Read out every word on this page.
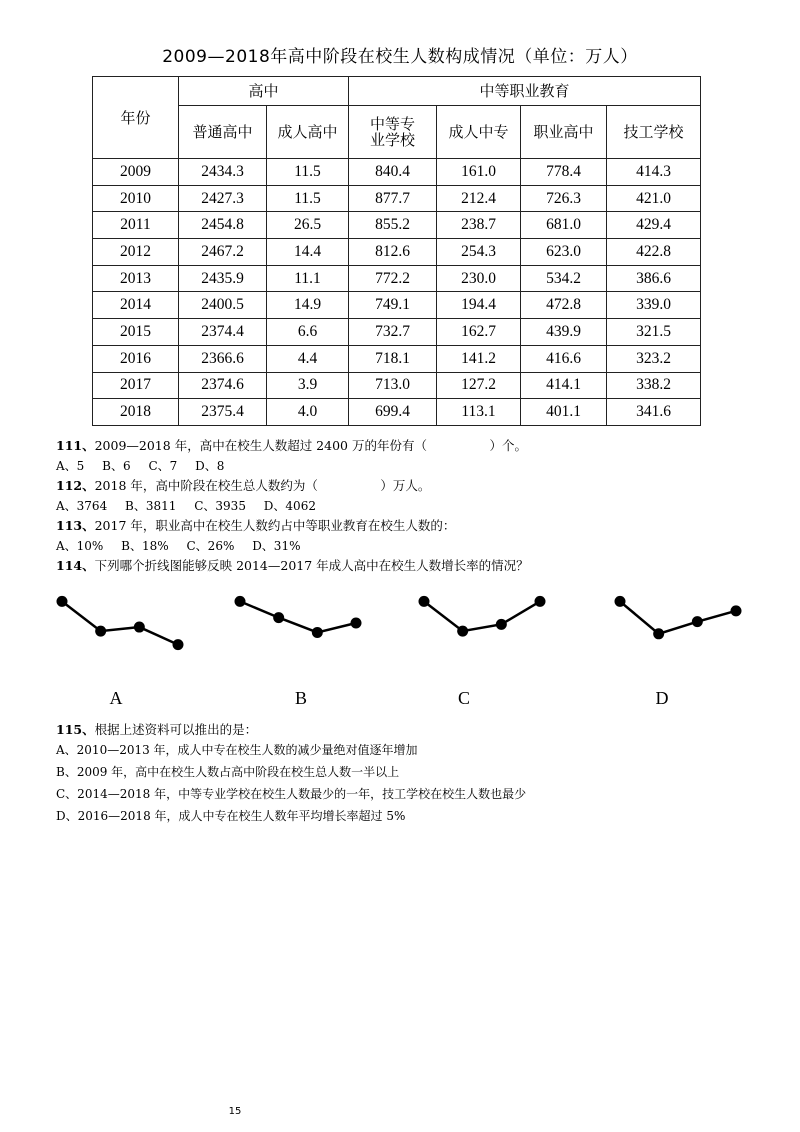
2009—2018年高中阶段在校生人数构成情况（单位：万人）
年份	高中		中等职业教育			
	普通高中	成人高中	中等专业学校	成人中专	职业高中	技工学校
2009	2434.3	11.5	840.4	161.0	778.4	414.3
2010	2427.3	11.5	877.7	212.4	726.3	421.0
2011	2454.8	26.5	855.2	238.7	681.0	429.4
2012	2467.2	14.4	812.6	254.3	623.0	422.8
2013	2435.9	11.1	772.2	230.0	534.2	386.6
2014	2400.5	14.9	749.1	194.4	472.8	339.0
2015	2374.4	6.6	732.7	162.7	439.9	321.5
2016	2366.6	4.4	718.1	141.2	416.6	323.2
2017	2374.6	3.9	713.0	127.2	414.1	338.2
2018	2375.4	4.0	699.4	113.1	401.1	341.6
111、2009—2018 年，高中在校生人数超过 2400 万的年份有（　　　　　）个。
A、5 B、6 C、7 D、8
112、2018 年，高中阶段在校生总人数约为（　　　　　）万人。
A、3764 B、3811 C、3935 D、4062
113、2017 年，职业高中在校生人数约占中等职业教育在校生人数的：
A、10% B、18% C、26% D、31%
114、下列哪个折线图能够反映 2014—2017 年成人高中在校生人数增长率的情况？
A	B	C	D
115、根据上述资料可以推出的是：
A、2010—2013 年，成人中专在校生人数的减少量绝对值逐年增加
B、2009 年，高中在校生人数占高中阶段在校生总人数一半以上
C、2014—2018 年，中等专业学校在校生人数最少的一年，技工学校在校生人数也最少
D、2016—2018 年，成人中专在校生人数年平均增长率超过 5%
15
